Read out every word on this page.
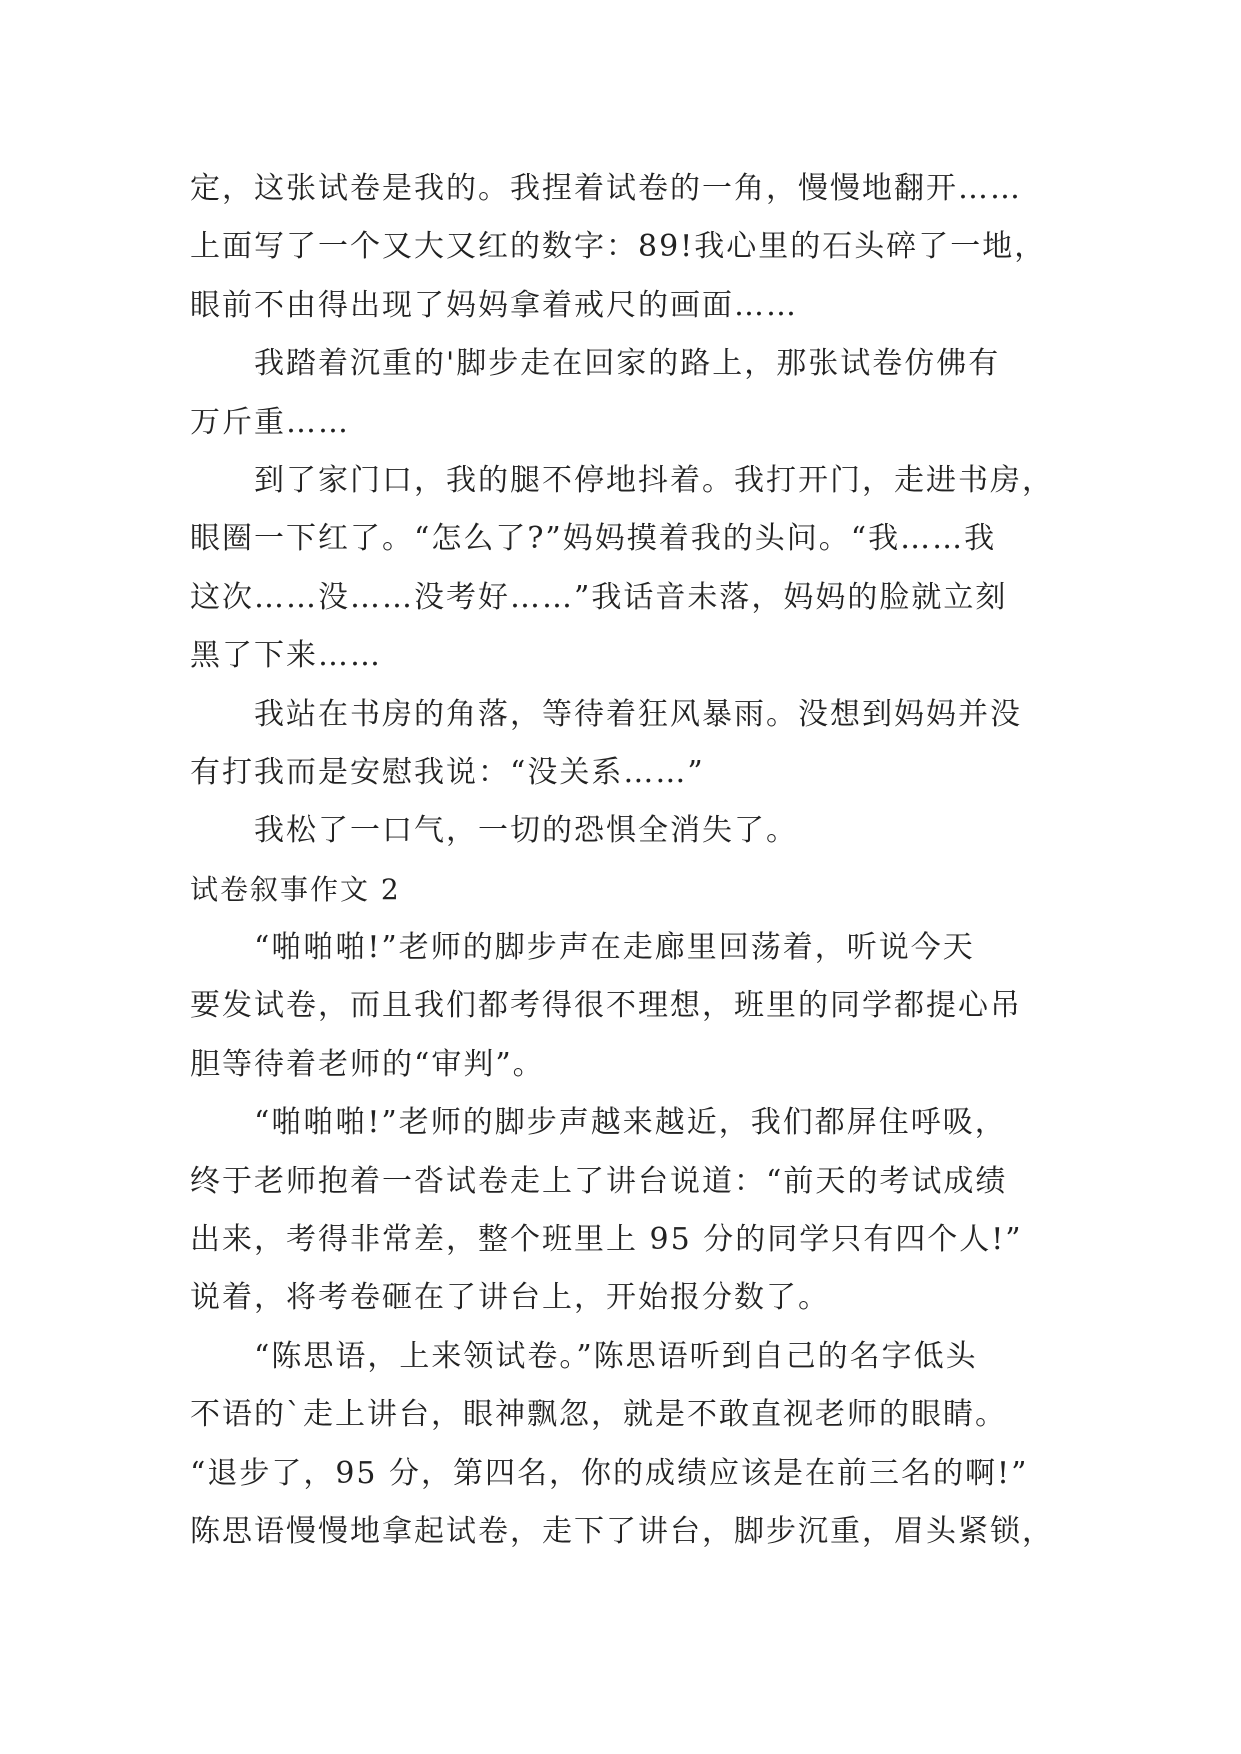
定，这张试卷是我的。我捏着试卷的一角，慢慢地翻开……
上面写了一个又大又红的数字：89!我心里的石头碎了一地，
眼前不由得出现了妈妈拿着戒尺的画面……
我踏着沉重的'脚步走在回家的路上，那张试卷仿佛有
万斤重……
到了家门口，我的腿不停地抖着。我打开门，走进书房，
眼圈一下红了。“怎么了?”妈妈摸着我的头问。“我……我
这次……没……没考好……”我话音未落，妈妈的脸就立刻
黑了下来……
我站在书房的角落，等待着狂风暴雨。没想到妈妈并没
有打我而是安慰我说：“没关系……”
我松了一口气，一切的恐惧全消失了。
试卷叙事作文 2
“啪啪啪!”老师的脚步声在走廊里回荡着，听说今天
要发试卷，而且我们都考得很不理想，班里的同学都提心吊
胆等待着老师的“审判”。
“啪啪啪!”老师的脚步声越来越近，我们都屏住呼吸，
终于老师抱着一沓试卷走上了讲台说道：“前天的考试成绩
出来，考得非常差，整个班里上 95 分的同学只有四个人!”
说着，将考卷砸在了讲台上，开始报分数了。
“陈思语，上来领试卷。”陈思语听到自己的名字低头
不语的`走上讲台，眼神飘忽，就是不敢直视老师的眼睛。
“退步了，95 分，第四名，你的成绩应该是在前三名的啊!”
陈思语慢慢地拿起试卷，走下了讲台，脚步沉重，眉头紧锁，
